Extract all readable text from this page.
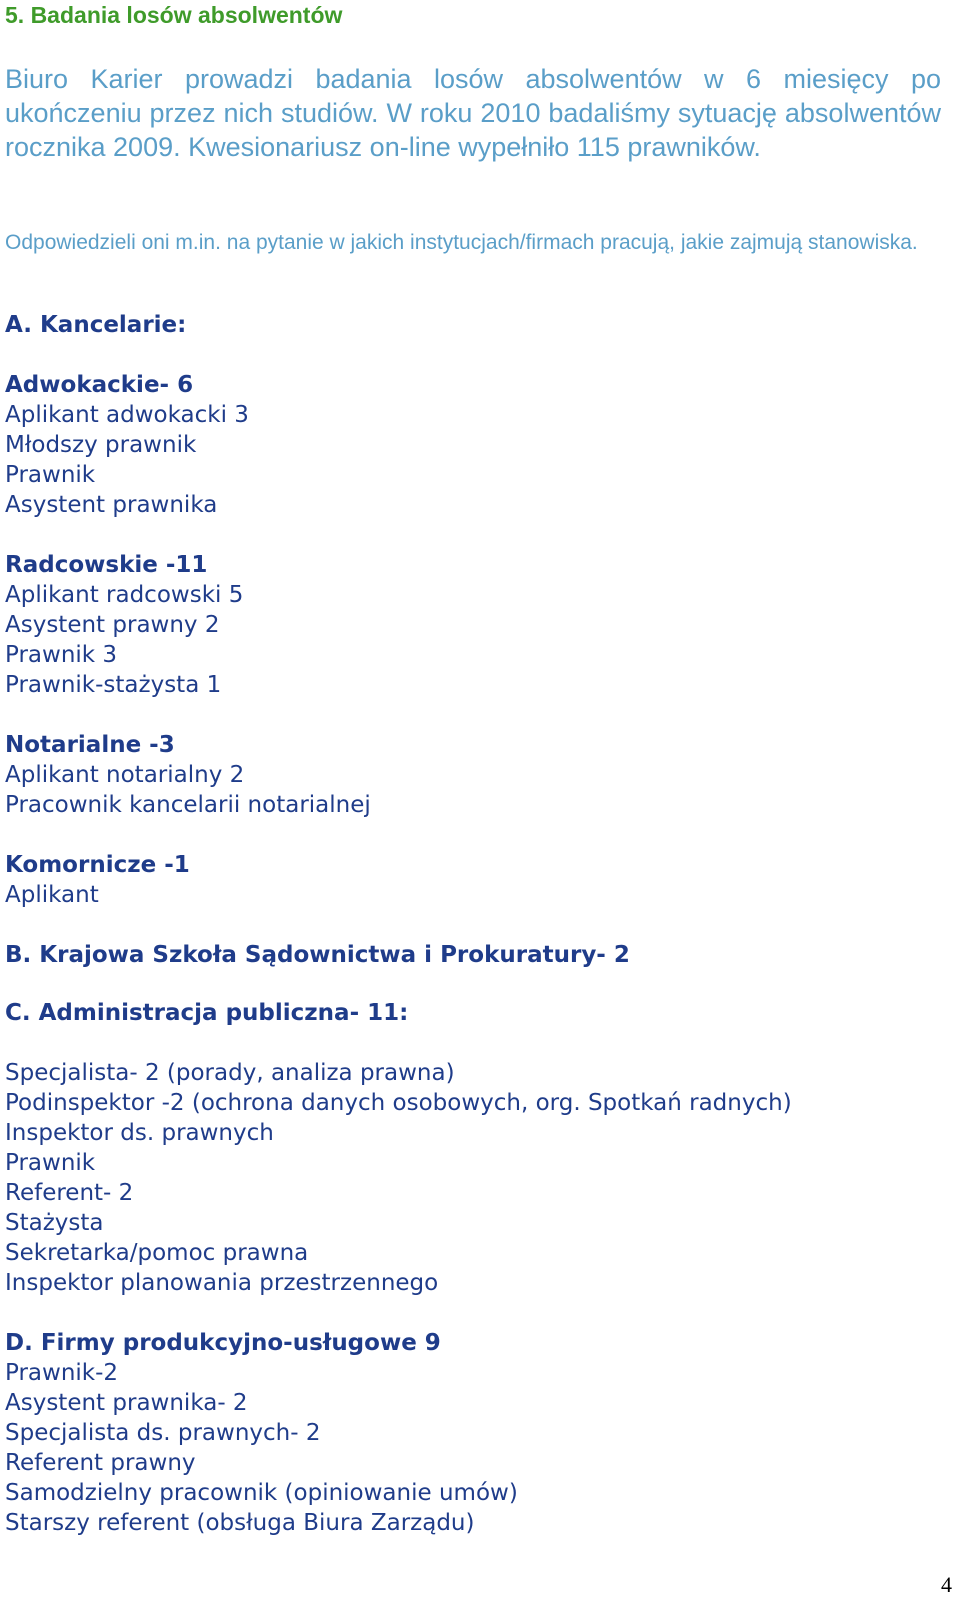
5. Badania losów absolwentów
Biuro Karier prowadzi badania losów absolwentów w 6 miesięcy po ukończeniu przez nich studiów. W roku 2010 badaliśmy sytuację absolwentów rocznika 2009. Kwesionariusz on-line wypełniło 115 prawników.
Odpowiedzieli oni m.in. na pytanie w jakich instytucjach/firmach pracują, jakie zajmują stanowiska.
A. Kancelarie:
Adwokackie- 6
Aplikant adwokacki 3
Młodszy prawnik
Prawnik
Asystent prawnika
Radcowskie -11
Aplikant radcowski 5
Asystent prawny 2
Prawnik 3
Prawnik-stażysta 1
Notarialne -3
Aplikant notarialny 2
Pracownik kancelarii notarialnej
Komornicze -1
Aplikant
B. Krajowa Szkoła Sądownictwa i Prokuratury- 2
C. Administracja publiczna- 11:
Specjalista- 2 (porady, analiza prawna)
Podinspektor -2 (ochrona danych osobowych, org. Spotkań radnych)
Inspektor ds. prawnych
Prawnik
Referent- 2
Stażysta
Sekretarka/pomoc prawna
Inspektor planowania przestrzennego
D. Firmy produkcyjno-usługowe 9
Prawnik-2
Asystent prawnika- 2
Specjalista ds. prawnych- 2
Referent prawny
Samodzielny pracownik (opiniowanie umów)
Starszy referent (obsługa Biura Zarządu)
4
